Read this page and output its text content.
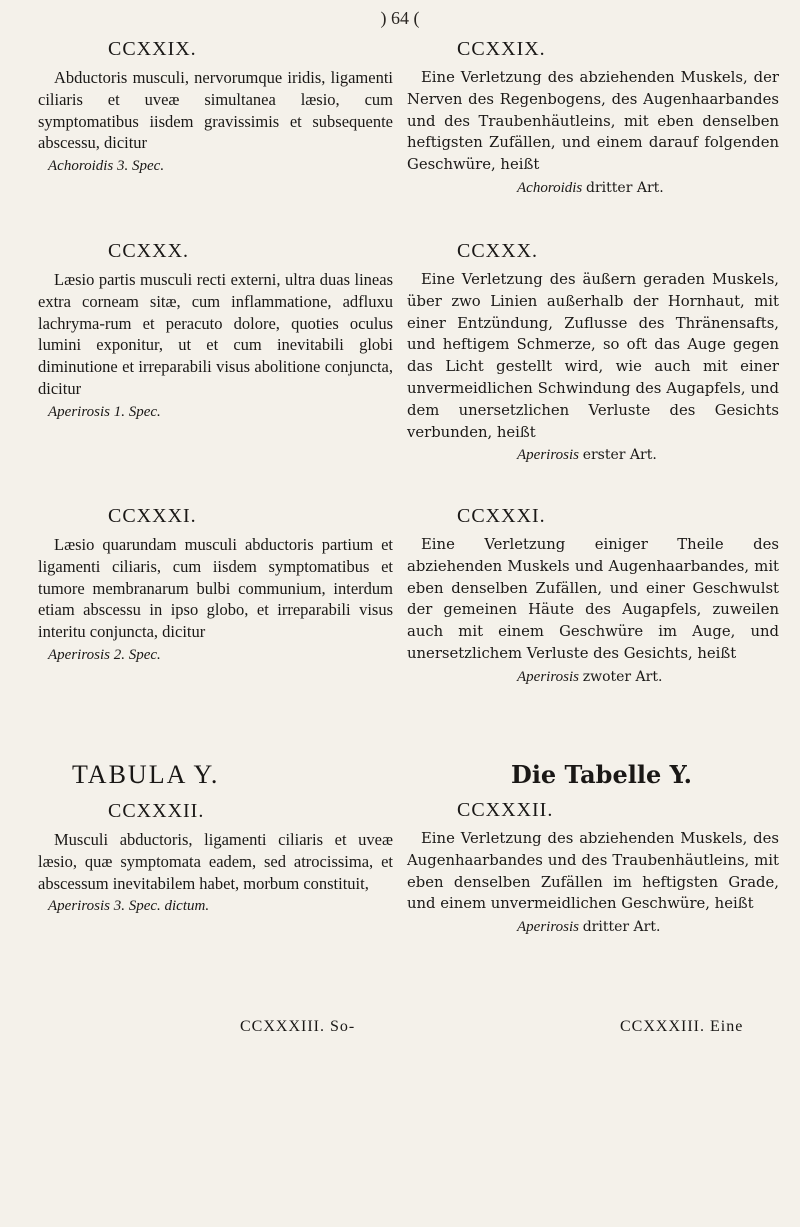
) 64 (
CCXXIX.
Abductoris musculi, nervorumque iridis, ligamenti ciliaris et uveæ simultanea læsio, cum symptomatibus iisdem gravissimis et subsequente abscessu, dicitur
Achoroidis 3. Spec.
CCXXX.
Læsio partis musculi recti externi, ultra duas lineas extra corneam sitæ, cum inflammatione, adfluxu lachryma-rum et peracuto dolore, quoties oculus lumini exponitur, ut et cum inevitabili globi diminutione et irreparabili visus abolitione conjuncta, dicitur
Aperirosis 1. Spec.
CCXXXI.
Læsio quarundam musculi abductoris partium et ligamenti ciliaris, cum iisdem symptomatibus et tumore membranarum bulbi communium, interdum etiam abscessu in ipso globo, et irreparabili visus interitu conjuncta, dicitur
Aperirosis 2. Spec.
TABULA Y.
CCXXXII.
Musculi abductoris, ligamenti ciliaris et uveæ læsio, quæ symptomata eadem, sed atrocissima, et abscessum inevitabilem habet, morbum constituit,
Aperirosis 3. Spec. dictum.
CCXXXIII. So-
CCXXIX.
Eine Verletzung des abziehenden Muskels, der Nerven des Regenbogens, des Augenhaarbandes und des Traubenhäutleins, mit eben denselben heftigsten Zufällen, und einem darauf folgenden Geschwüre, heißt
Achoroidis dritter Art.
CCXXX.
Eine Verletzung des äußern geraden Muskels, über zwo Linien außerhalb der Hornhaut, mit einer Entzündung, Zuflusse des Thränensafts, und heftigem Schmerze, so oft das Auge gegen das Licht gestellt wird, wie auch mit einer unvermeidlichen Schwindung des Augapfels, und dem unersetzlichen Verluste des Gesichts verbunden, heißt
Aperirosis erster Art.
CCXXXI.
Eine Verletzung einiger Theile des abziehenden Muskels und Augenhaarbandes, mit eben denselben Zufällen, und einer Geschwulst der gemeinen Häute des Augapfels, zuweilen auch mit einem Geschwüre im Auge, und unersetzlichem Verluste des Gesichts, heißt
Aperirosis zwoter Art.
Die Tabelle Y.
CCXXXII.
Eine Verletzung des abziehenden Muskels, des Augenhaarbandes und des Traubenhäutleins, mit eben denselben Zufällen im heftigsten Grade, und einem unvermeidlichen Geschwüre, heißt
Aperirosis dritter Art.
CCXXXIII. Eine
